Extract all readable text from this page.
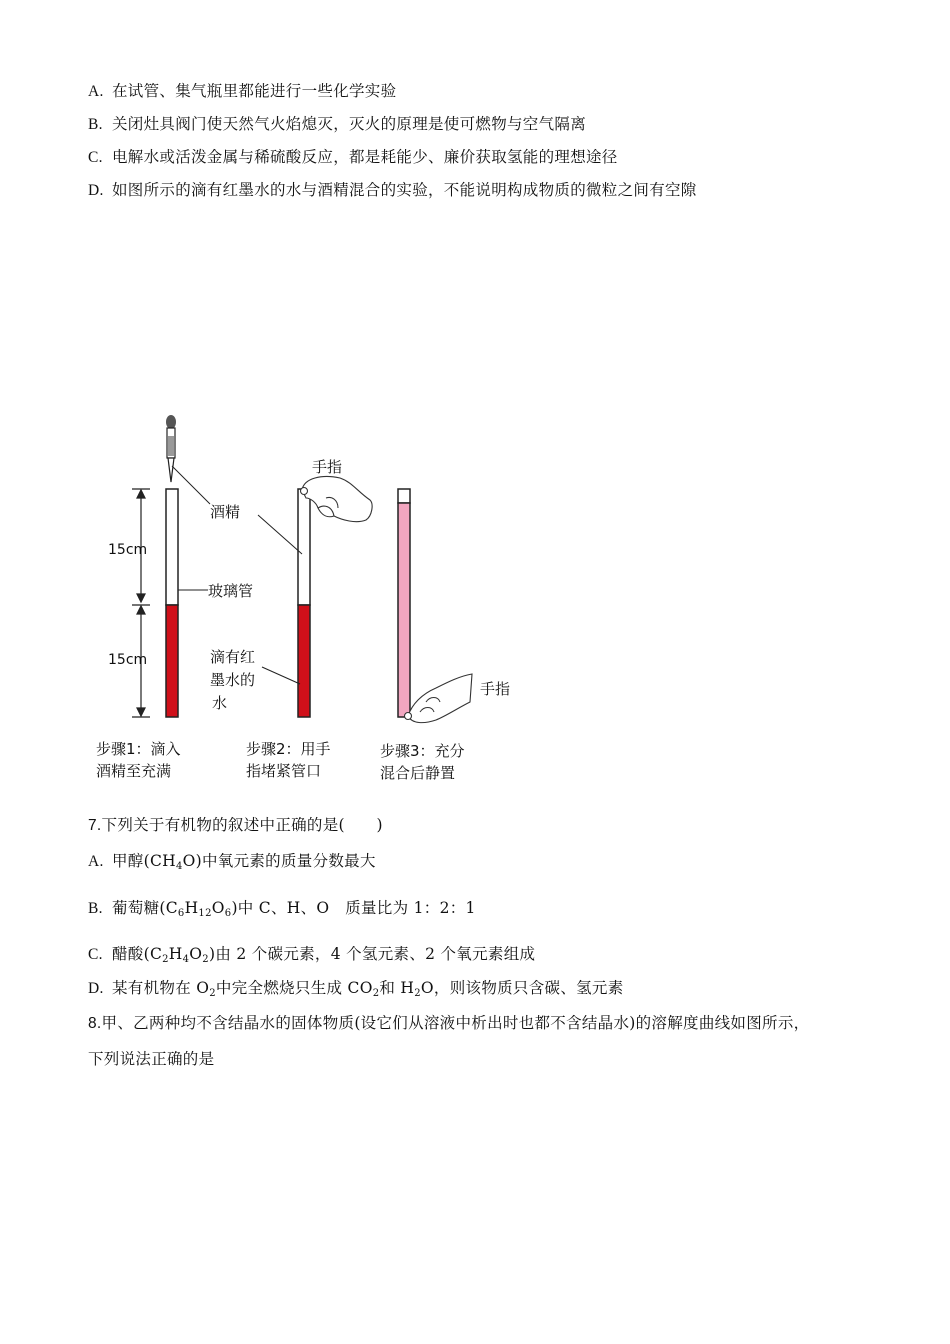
A. 在试管、集气瓶里都能进行一些化学实验
B. 关闭灶具阀门使天然气火焰熄灭，灭火的原理是使可燃物与空气隔离
C. 电解水或活泼金属与稀硫酸反应，都是耗能少、廉价获取氢能的理想途径
D. 如图所示的滴有红墨水的水与酒精混合的实验，不能说明构成物质的微粒之间有空隙
15cm
15cm
手指
手指
酒精
玻璃管
滴有红
墨水的
水
步骤1：滴入
酒精至充满
步骤2：用手
指堵紧管口
步骤3：充分
混合后静置
7.下列关于有机物的叙述中正确的是(　　)
A. 甲醇$(CH_4O)$中氧元素的质量分数最大
B. 葡萄糖$(C_6H_{12}O_6)$中 C、H、O　质量比为 1：2：1
C. 醋酸$(C_2H_4O_2)$由 2 个碳元素，4 个氢元素、2 个氧元素组成
D. 某有机物在 $O_2$中完全燃烧只生成 $CO_2$和 $H_2O$，则该物质只含碳、氢元素
8.甲、乙两种均不含结晶水的固体物质(设它们从溶液中析出时也都不含结晶水)的溶解度曲线如图所示，
下列说法正确的是
